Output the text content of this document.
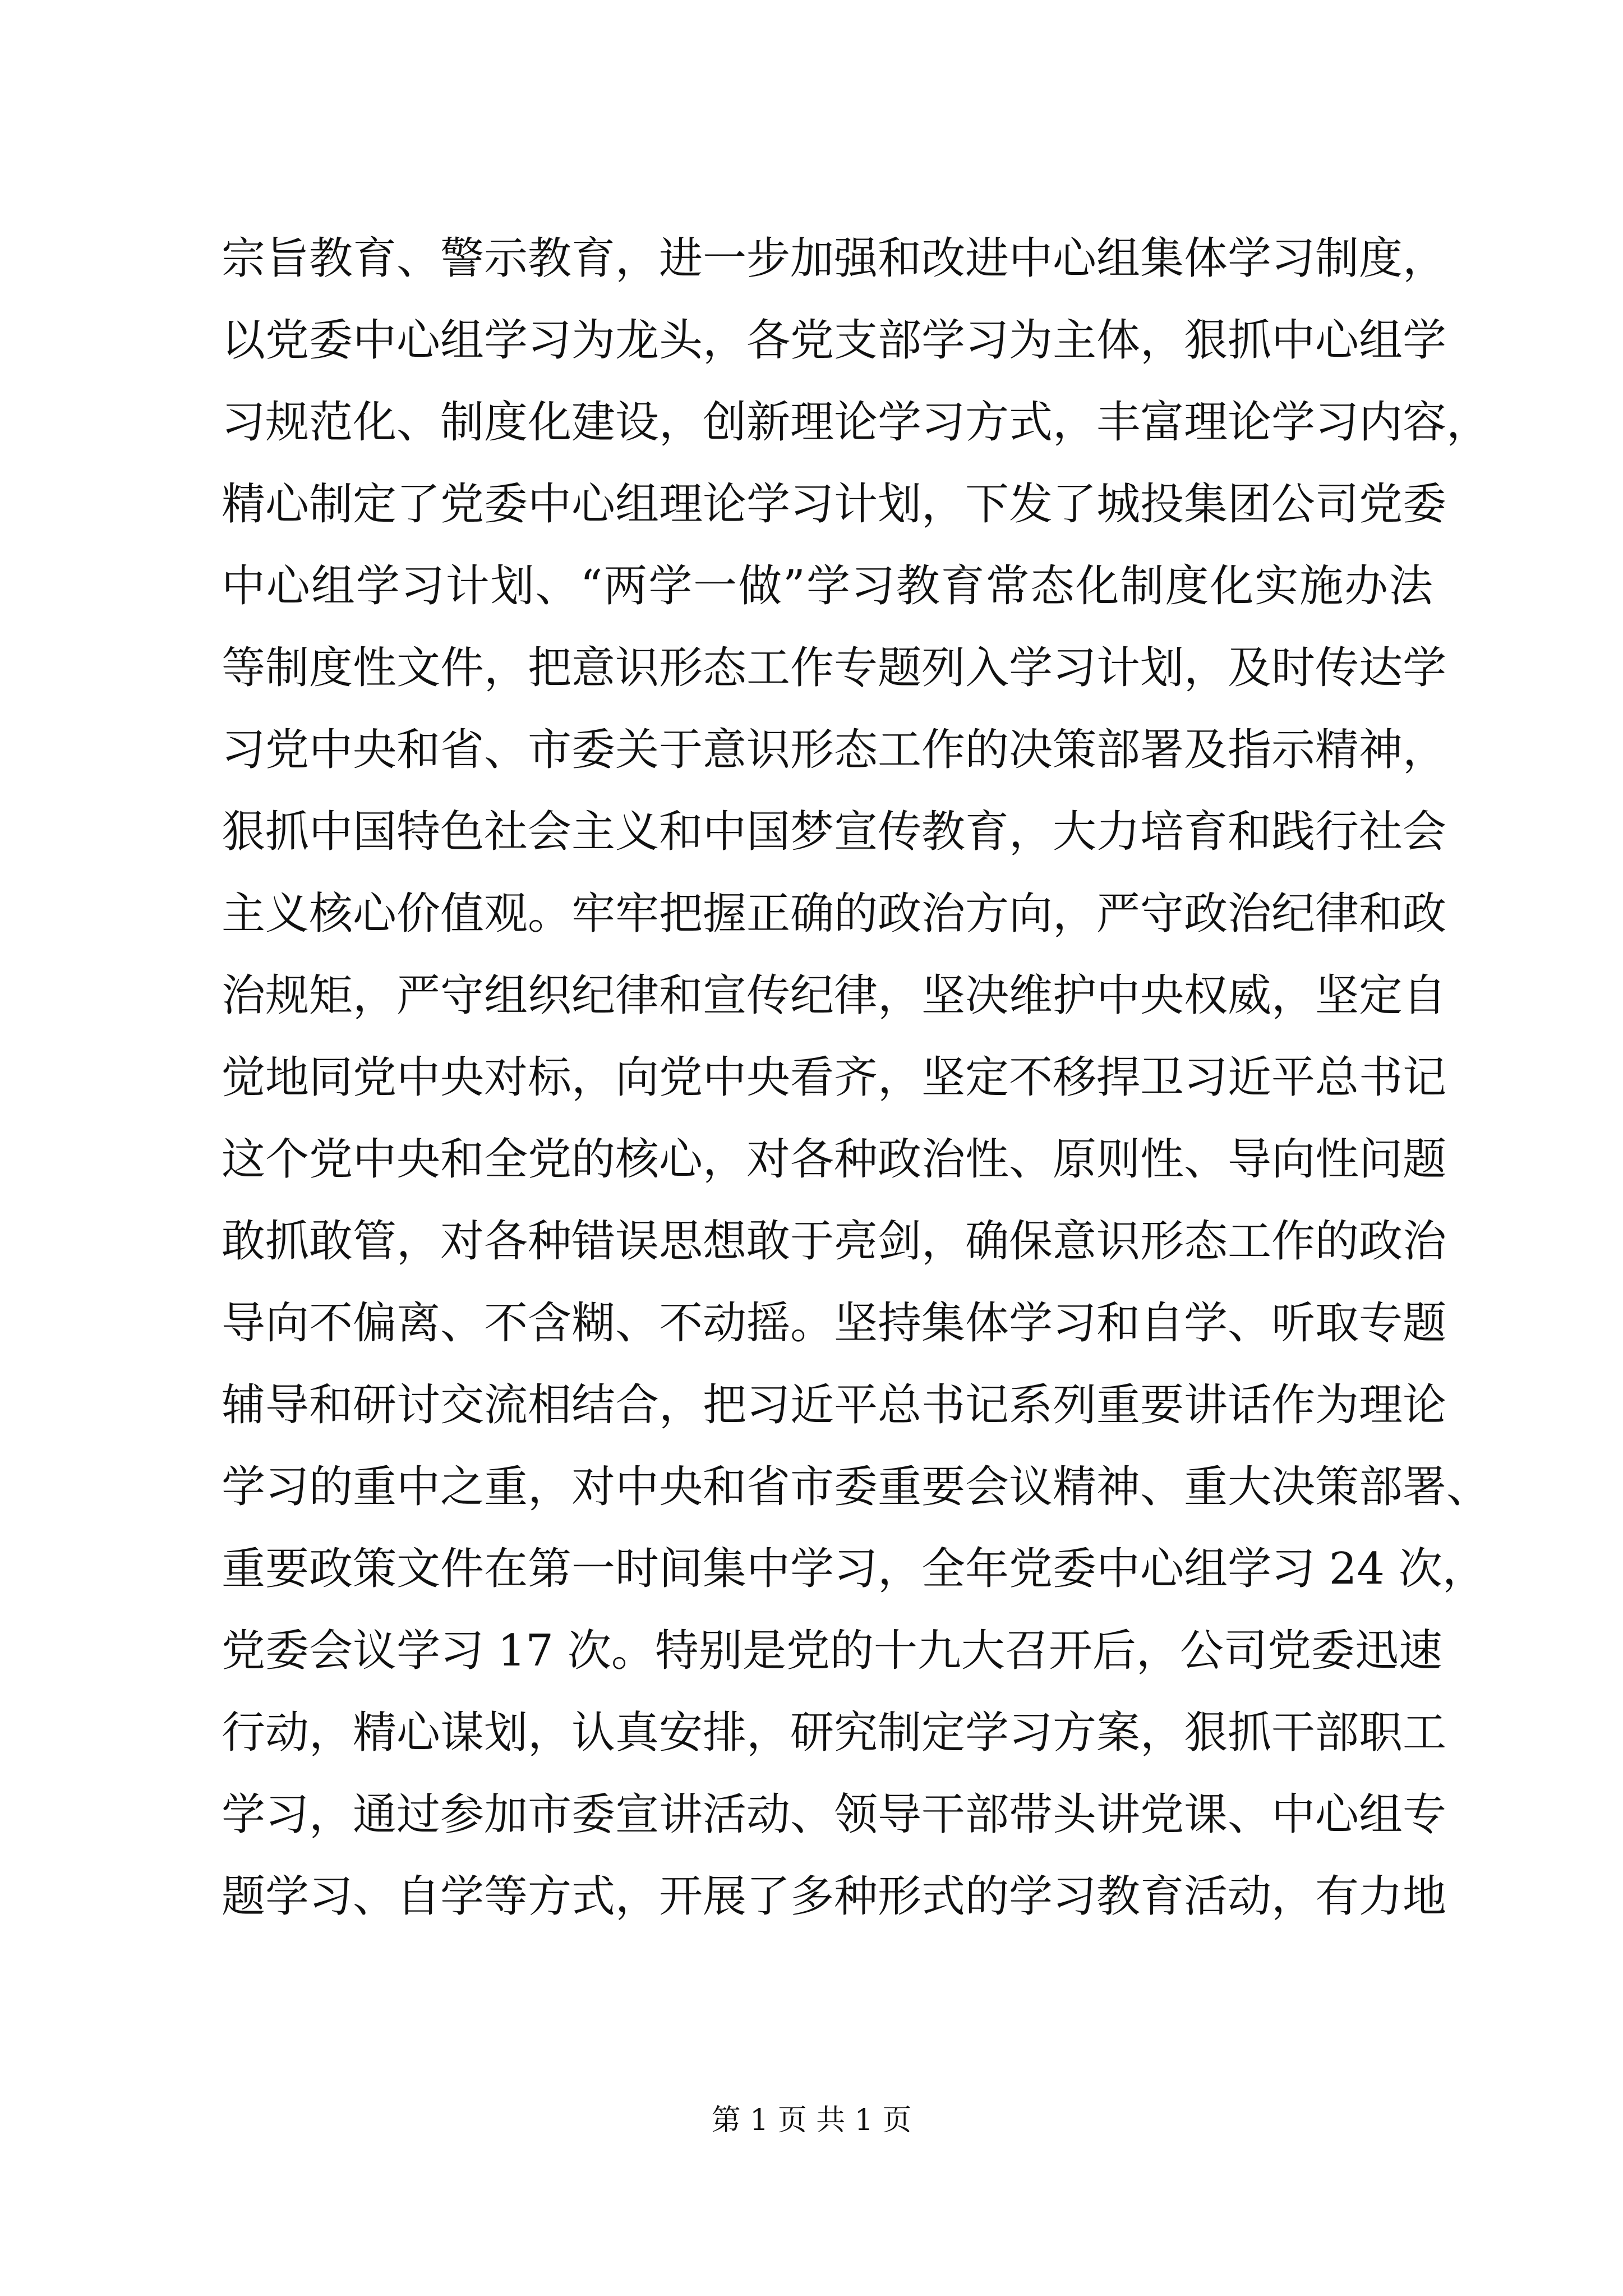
宗旨教育、警示教育，进一步加强和改进中心组集体学习制度，
以党委中心组学习为龙头，各党支部学习为主体，狠抓中心组学
习规范化、制度化建设，创新理论学习方式，丰富理论学习内容，
精心制定了党委中心组理论学习计划，下发了城投集团公司党委
中心组学习计划、“两学一做”学习教育常态化制度化实施办法
等制度性文件，把意识形态工作专题列入学习计划，及时传达学
习党中央和省、市委关于意识形态工作的决策部署及指示精神，
狠抓中国特色社会主义和中国梦宣传教育，大力培育和践行社会
主义核心价值观。牢牢把握正确的政治方向，严守政治纪律和政
治规矩，严守组织纪律和宣传纪律，坚决维护中央权威，坚定自
觉地同党中央对标，向党中央看齐，坚定不移捍卫习近平总书记
这个党中央和全党的核心，对各种政治性、原则性、导向性问题
敢抓敢管，对各种错误思想敢于亮剑，确保意识形态工作的政治
导向不偏离、不含糊、不动摇。坚持集体学习和自学、听取专题
辅导和研讨交流相结合，把习近平总书记系列重要讲话作为理论
学习的重中之重，对中央和省市委重要会议精神、重大决策部署、
重要政策文件在第一时间集中学习，全年党委中心组学习 24 次，
党委会议学习 17 次。特别是党的十九大召开后，公司党委迅速
行动，精心谋划，认真安排，研究制定学习方案，狠抓干部职工
学习，通过参加市委宣讲活动、领导干部带头讲党课、中心组专
题学习、自学等方式，开展了多种形式的学习教育活动，有力地
第 1 页 共 1 页
